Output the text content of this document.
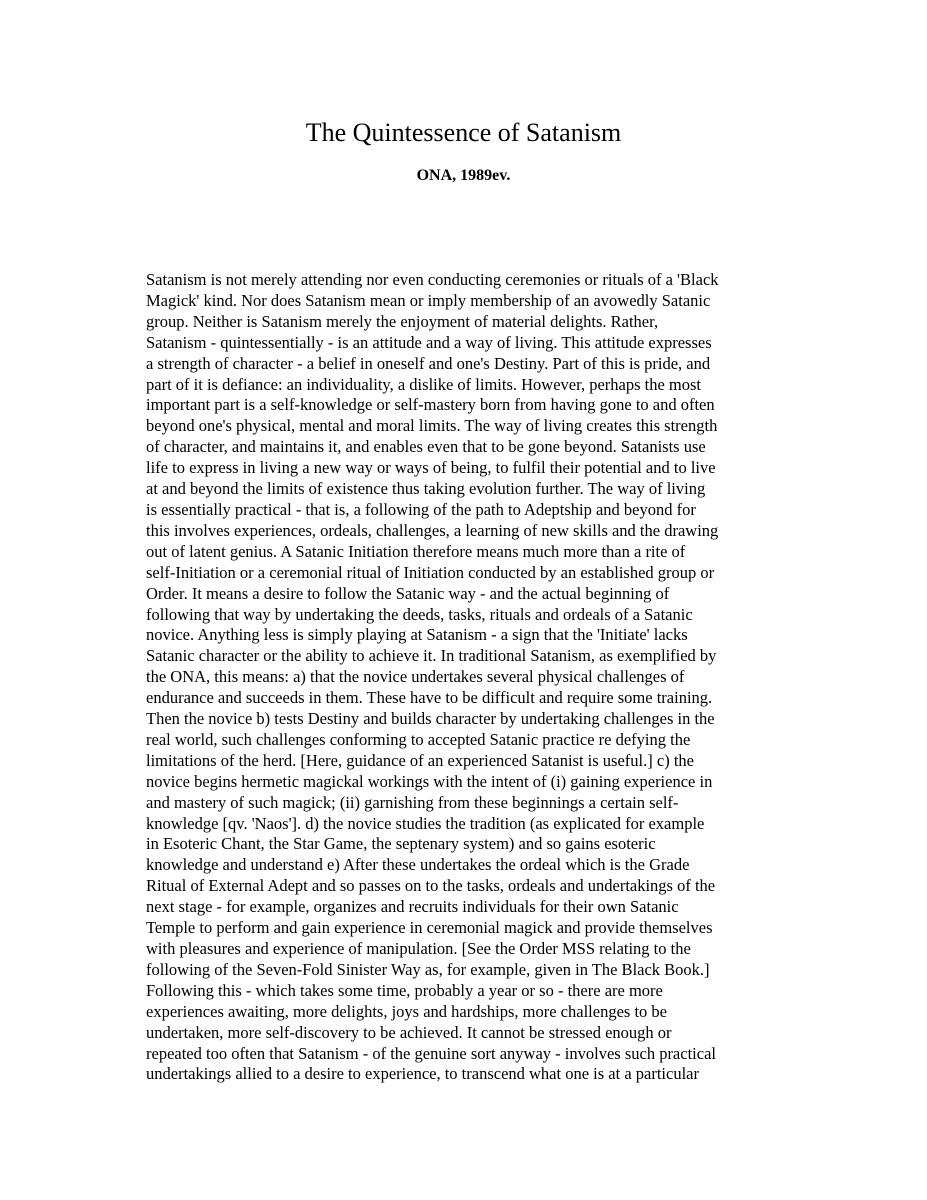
The Quintessence of Satanism
ONA, 1989ev.
Satanism is not merely attending nor even conducting ceremonies or rituals of a 'Black
Magick' kind. Nor does Satanism mean or imply membership of an avowedly Satanic
group. Neither is Satanism merely the enjoyment of material delights. Rather,
Satanism - quintessentially - is an attitude and a way of living. This attitude expresses
a strength of character - a belief in oneself and one's Destiny. Part of this is pride, and
part of it is defiance: an individuality, a dislike of limits. However, perhaps the most
important part is a self-knowledge or self-mastery born from having gone to and often
beyond one's physical, mental and moral limits. The way of living creates this strength
of character, and maintains it, and enables even that to be gone beyond. Satanists use
life to express in living a new way or ways of being, to fulfil their potential and to live
at and beyond the limits of existence thus taking evolution further. The way of living
is essentially practical - that is, a following of the path to Adeptship and beyond for
this involves experiences, ordeals, challenges, a learning of new skills and the drawing
out of latent genius. A Satanic Initiation therefore means much more than a rite of
self-Initiation or a ceremonial ritual of Initiation conducted by an established group or
Order. It means a desire to follow the Satanic way - and the actual beginning of
following that way by undertaking the deeds, tasks, rituals and ordeals of a Satanic
novice. Anything less is simply playing at Satanism - a sign that the 'Initiate' lacks
Satanic character or the ability to achieve it. In traditional Satanism, as exemplified by
the ONA, this means: a) that the novice undertakes several physical challenges of
endurance and succeeds in them. These have to be difficult and require some training.
Then the novice b) tests Destiny and builds character by undertaking challenges in the
real world, such challenges conforming to accepted Satanic practice re defying the
limitations of the herd. [Here, guidance of an experienced Satanist is useful.] c) the
novice begins hermetic magickal workings with the intent of (i) gaining experience in
and mastery of such magick; (ii) garnishing from these beginnings a certain self-
knowledge [qv. 'Naos']. d) the novice studies the tradition (as explicated for example
in Esoteric Chant, the Star Game, the septenary system) and so gains esoteric
knowledge and understand e) After these undertakes the ordeal which is the Grade
Ritual of External Adept and so passes on to the tasks, ordeals and undertakings of the
next stage - for example, organizes and recruits individuals for their own Satanic
Temple to perform and gain experience in ceremonial magick and provide themselves
with pleasures and experience of manipulation. [See the Order MSS relating to the
following of the Seven-Fold Sinister Way as, for example, given in The Black Book.]
Following this - which takes some time, probably a year or so - there are more
experiences awaiting, more delights, joys and hardships, more challenges to be
undertaken, more self-discovery to be achieved. It cannot be stressed enough or
repeated too often that Satanism - of the genuine sort anyway - involves such practical
undertakings allied to a desire to experience, to transcend what one is at a particular
